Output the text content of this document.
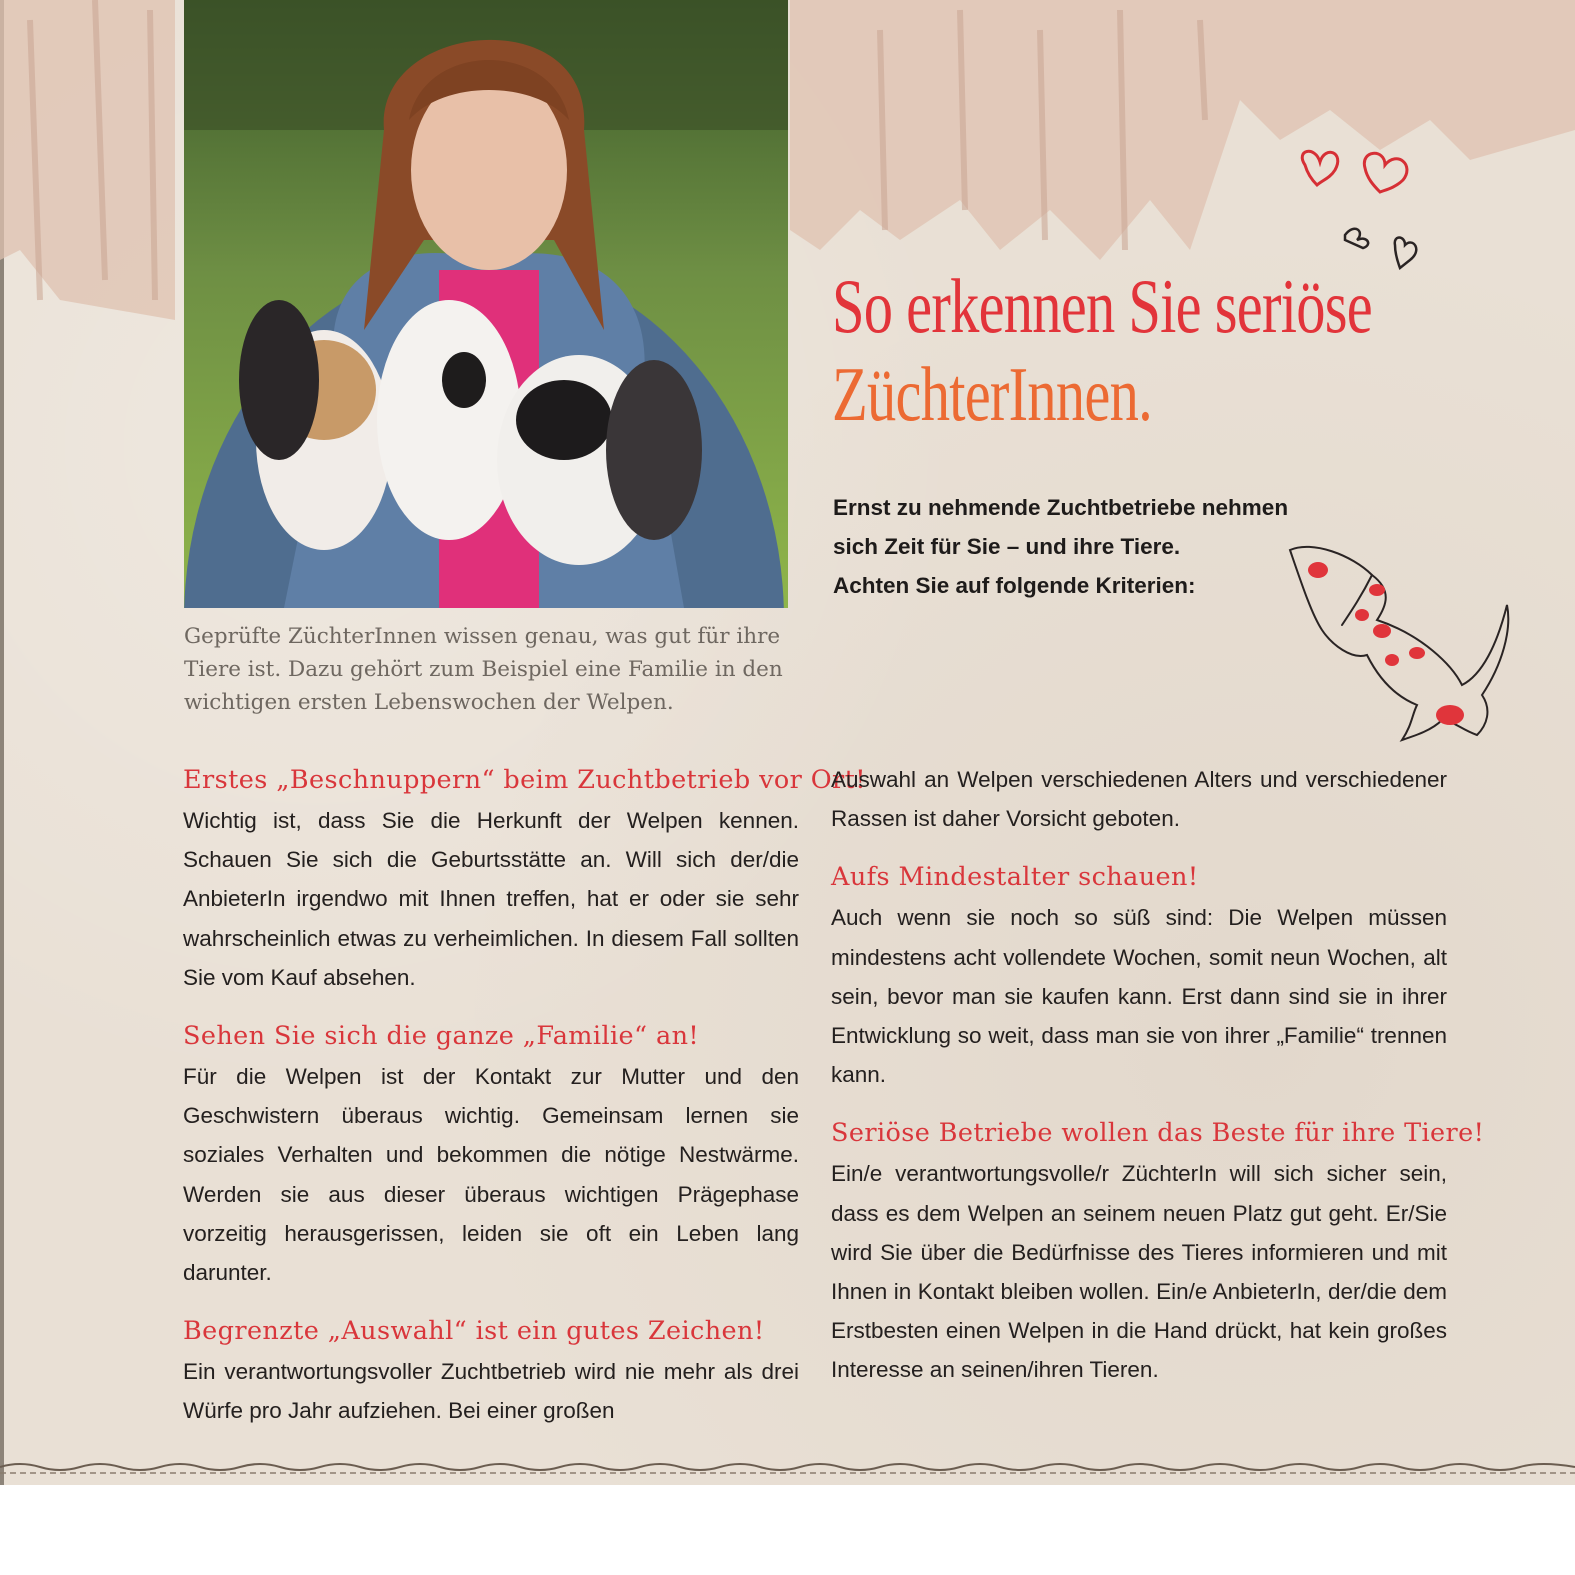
Geprüfte ZüchterInnen wissen genau, was gut für ihre Tiere ist. Dazu gehört zum Beispiel eine Familie in den wichtigen ersten Lebenswochen der Welpen.
So erkennen Sie seriöse
ZüchterInnen.
Ernst zu nehmende Zuchtbetriebe nehmen
sich Zeit für Sie – und ihre Tiere.
Achten Sie auf folgende Kriterien:
Erstes „Beschnuppern“ beim Zuchtbetrieb vor Ort!

Wichtig ist, dass Sie die Herkunft der Welpen kennen. Schauen Sie sich die Geburtsstätte an. Will sich der/die AnbieterIn irgendwo mit Ihnen treffen, hat er oder sie sehr wahrscheinlich etwas zu verheimlichen. In diesem Fall sollten Sie vom Kauf absehen.

Sehen Sie sich die ganze „Familie“ an!

Für die Welpen ist der Kontakt zur Mutter und den Geschwistern überaus wichtig. Gemeinsam lernen sie soziales Verhalten und bekommen die nötige Nestwärme. Werden sie aus dieser überaus wichtigen Prägephase vorzeitig herausgerissen, leiden sie oft ein Leben lang darunter.

Begrenzte „Auswahl“ ist ein gutes Zeichen!

Ein verantwortungsvoller Zuchtbetrieb wird nie mehr als drei Würfe pro Jahr aufziehen. Bei einer großen

Auswahl an Welpen verschiedenen Alters und verschiedener Rassen ist daher Vorsicht geboten.

Aufs Mindestalter schauen!

Auch wenn sie noch so süß sind: Die Welpen müssen mindestens acht vollendete Wochen, somit neun Wochen, alt sein, bevor man sie kaufen kann. Erst dann sind sie in ihrer Entwicklung so weit, dass man sie von ihrer „Familie“ trennen kann.

Seriöse Betriebe wollen das Beste für ihre Tiere!

Ein/e verantwortungsvolle/r ZüchterIn will sich sicher sein, dass es dem Welpen an seinem neuen Platz gut geht. Er/Sie wird Sie über die Bedürfnisse des Tieres informieren und mit Ihnen in Kontakt bleiben wollen. Ein/e AnbieterIn, der/die dem Erstbesten einen Welpen in die Hand drückt, hat kein großes Interesse an seinen/ihren Tieren.
